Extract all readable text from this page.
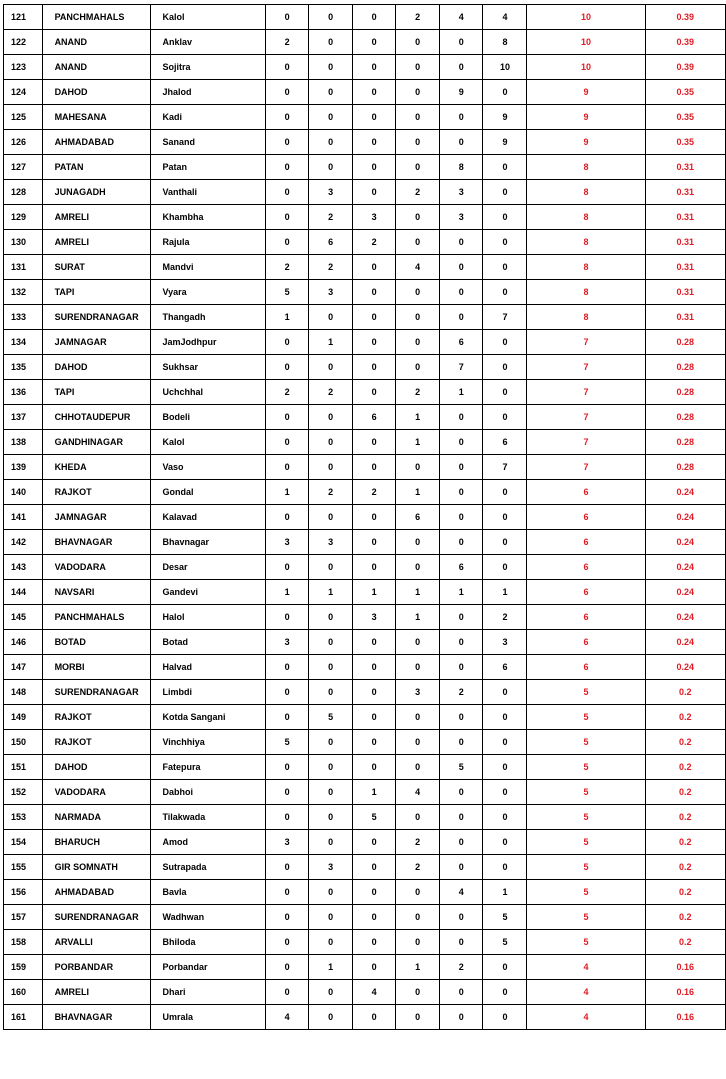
121	PANCHMAHALS	Kalol	0	0	0	2	4	4	10	0.39
122	ANAND	Anklav	2	0	0	0	0	8	10	0.39
123	ANAND	Sojitra	0	0	0	0	0	10	10	0.39
124	DAHOD	Jhalod	0	0	0	0	9	0	9	0.35
125	MAHESANA	Kadi	0	0	0	0	0	9	9	0.35
126	AHMADABAD	Sanand	0	0	0	0	0	9	9	0.35
127	PATAN	Patan	0	0	0	0	8	0	8	0.31
128	JUNAGADH	Vanthali	0	3	0	2	3	0	8	0.31
129	AMRELI	Khambha	0	2	3	0	3	0	8	0.31
130	AMRELI	Rajula	0	6	2	0	0	0	8	0.31
131	SURAT	Mandvi	2	2	0	4	0	0	8	0.31
132	TAPI	Vyara	5	3	0	0	0	0	8	0.31
133	SURENDRANAGAR	Thangadh	1	0	0	0	0	7	8	0.31
134	JAMNAGAR	JamJodhpur	0	1	0	0	6	0	7	0.28
135	DAHOD	Sukhsar	0	0	0	0	7	0	7	0.28
136	TAPI	Uchchhal	2	2	0	2	1	0	7	0.28
137	CHHOTAUDEPUR	Bodeli	0	0	6	1	0	0	7	0.28
138	GANDHINAGAR	Kalol	0	0	0	1	0	6	7	0.28
139	KHEDA	Vaso	0	0	0	0	0	7	7	0.28
140	RAJKOT	Gondal	1	2	2	1	0	0	6	0.24
141	JAMNAGAR	Kalavad	0	0	0	6	0	0	6	0.24
142	BHAVNAGAR	Bhavnagar	3	3	0	0	0	0	6	0.24
143	VADODARA	Desar	0	0	0	0	6	0	6	0.24
144	NAVSARI	Gandevi	1	1	1	1	1	1	6	0.24
145	PANCHMAHALS	Halol	0	0	3	1	0	2	6	0.24
146	BOTAD	Botad	3	0	0	0	0	3	6	0.24
147	MORBI	Halvad	0	0	0	0	0	6	6	0.24
148	SURENDRANAGAR	Limbdi	0	0	0	3	2	0	5	0.2
149	RAJKOT	Kotda Sangani	0	5	0	0	0	0	5	0.2
150	RAJKOT	Vinchhiya	5	0	0	0	0	0	5	0.2
151	DAHOD	Fatepura	0	0	0	0	5	0	5	0.2
152	VADODARA	Dabhoi	0	0	1	4	0	0	5	0.2
153	NARMADA	Tilakwada	0	0	5	0	0	0	5	0.2
154	BHARUCH	Amod	3	0	0	2	0	0	5	0.2
155	GIR SOMNATH	Sutrapada	0	3	0	2	0	0	5	0.2
156	AHMADABAD	Bavla	0	0	0	0	4	1	5	0.2
157	SURENDRANAGAR	Wadhwan	0	0	0	0	0	5	5	0.2
158	ARVALLI	Bhiloda	0	0	0	0	0	5	5	0.2
159	PORBANDAR	Porbandar	0	1	0	1	2	0	4	0.16
160	AMRELI	Dhari	0	0	4	0	0	0	4	0.16
161	BHAVNAGAR	Umrala	4	0	0	0	0	0	4	0.16
